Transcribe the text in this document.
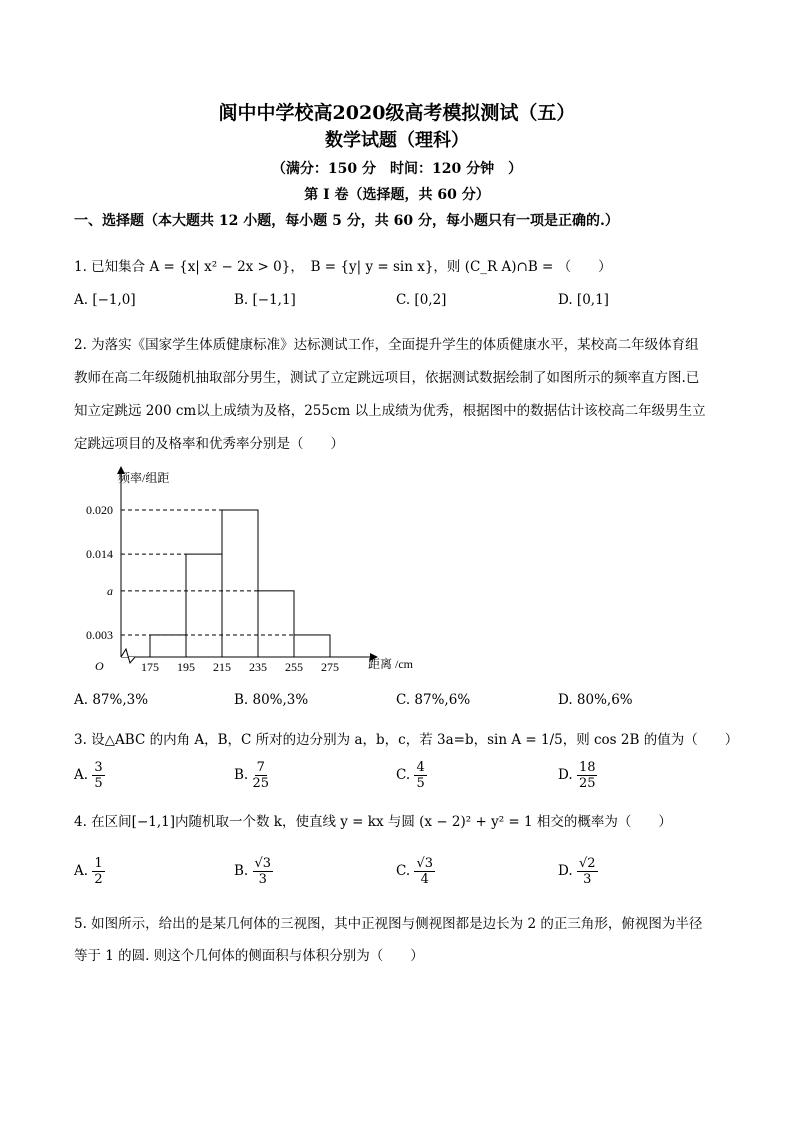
阆中中学校高2020级高考模拟测试（五）
数学试题（理科）
（满分：150 分　时间：120 分钟　）
第 I 卷（选择题，共 60 分）
一、选择题（本大题共 12 小题，每小题 5 分，共 60 分，每小题只有一项是正确的.）
1. 已知集合 A = {x| x² − 2x > 0}，　B = {y| y = sin x}，则 (C_R A)∩B = （　　）
A. [−1,0]	B. [−1,1]	C. [0,2]	D. [0,1]
2. 为落实《国家学生体质健康标准》达标测试工作，全面提升学生的体质健康水平，某校高二年级体育组
教师在高二年级随机抽取部分男生，测试了立定跳远项目，依据测试数据绘制了如图所示的频率直方图.已
知立定跳远 200 cm以上成绩为及格，255cm 以上成绩为优秀，根据图中的数据估计该校高二年级男生立
定跳远项目的及格率和优秀率分别是（　　）
0.003
a
0.014
0.020
175 195 215 235 255 275
频率/组距
距离 /cm
O
A. 87%,3%	B. 80%,3%	C. 87%,6%	D. 80%,6%
3. 设△ABC 的内角 A，B，C 所对的边分别为 a，b，c，若 3a=b，sin A = 1/5，则 cos 2B 的值为（　　）
A. $\frac{3}{5}$	B. $\frac{7}{25}$	C. $\frac{4}{5}$	D. $\frac{18}{25}$
4. 在区间[−1,1]内随机取一个数 k，使直线 y = kx 与圆 (x − 2)² + y² = 1 相交的概率为（　　）
A. $\frac{1}{2}$	B. $\frac{√3}{3}$	C. $\frac{√3}{4}$	D. $\frac{√2}{3}$
5. 如图所示，给出的是某几何体的三视图，其中正视图与侧视图都是边长为 2 的正三角形，俯视图为半径
等于 1 的圆. 则这个几何体的侧面积与体积分别为（　　）
